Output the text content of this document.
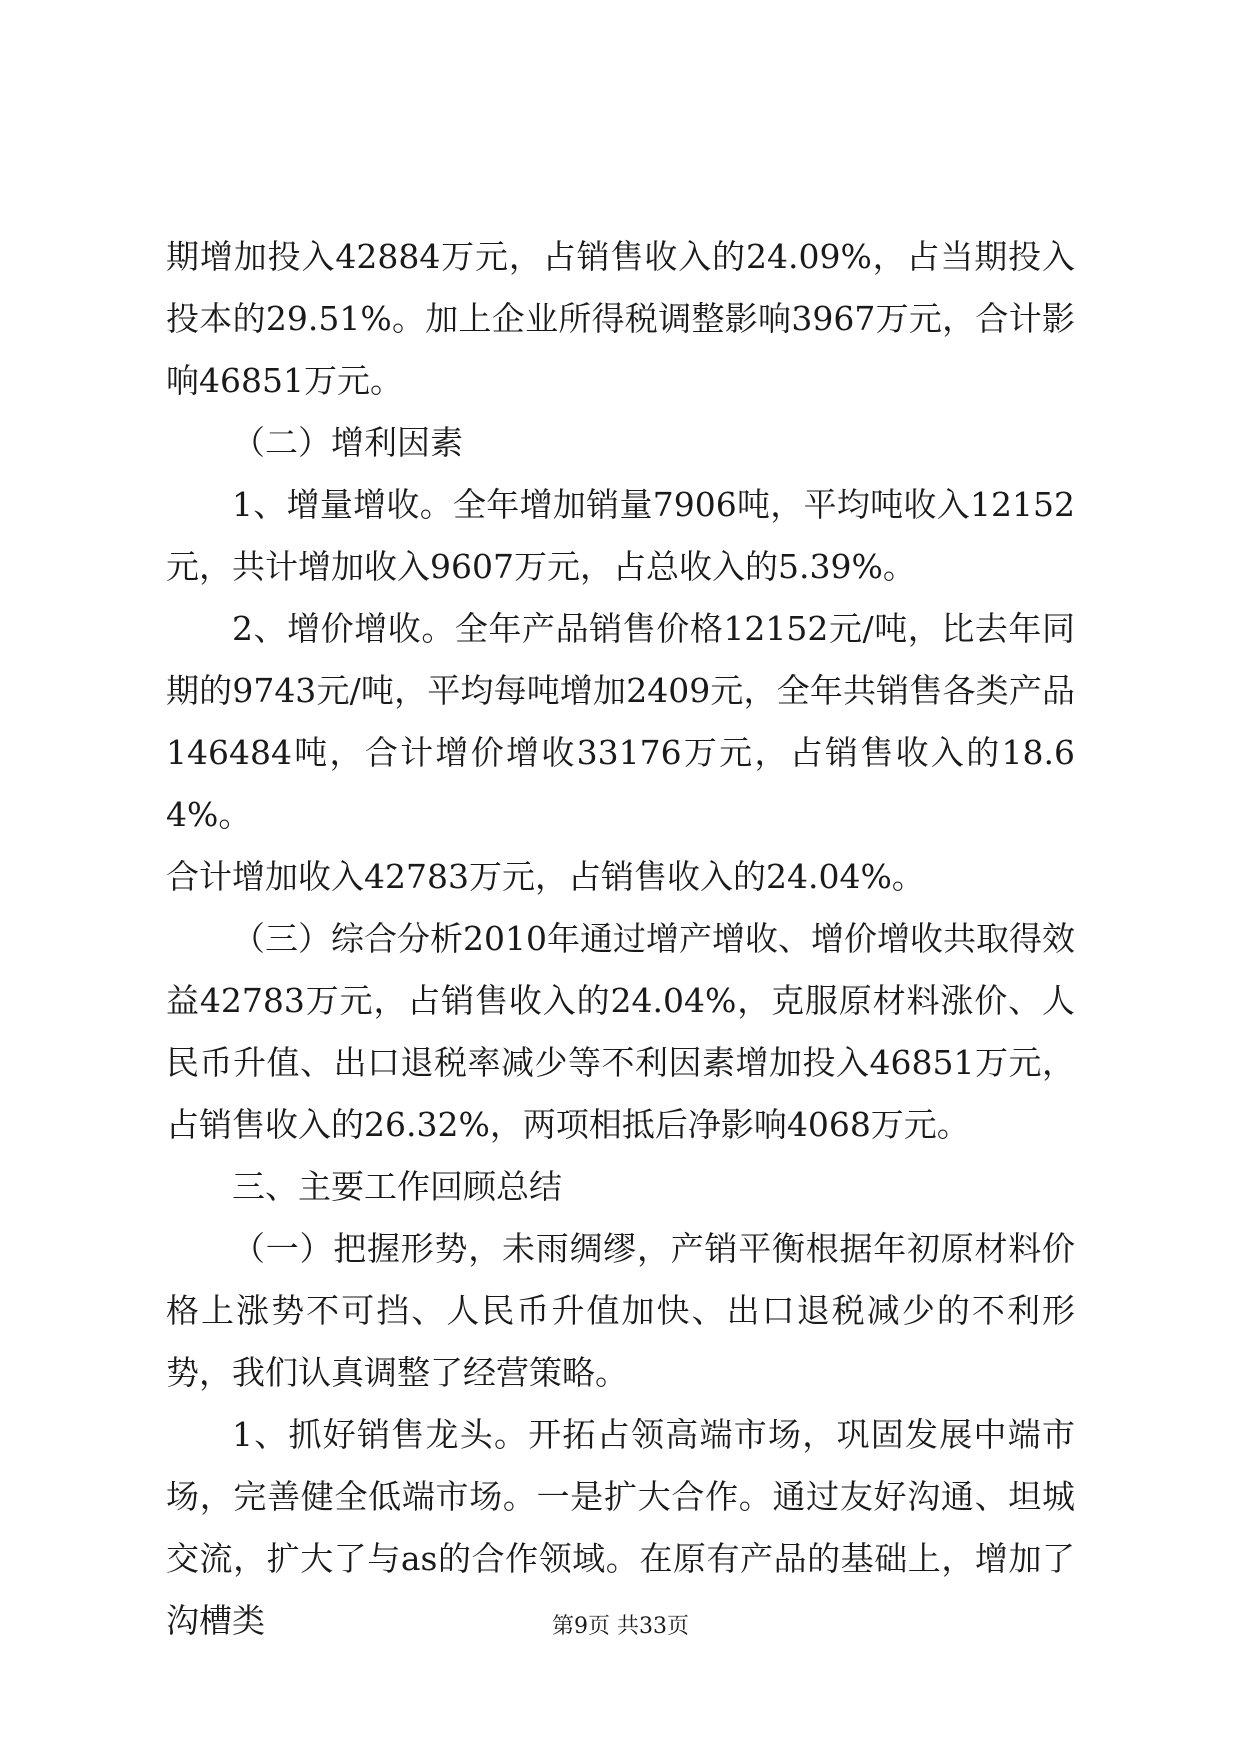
期增加投入42884万元，占销售收入的24.09%，占当期投入投本的29.51%。加上企业所得税调整影响3967万元，合计影响46851万元。

（二）增利因素

1、增量增收。全年增加销量7906吨，平均吨收入12152元，共计增加收入9607万元，占总收入的5.39%。

2、增价增收。全年产品销售价格12152元/吨，比去年同期的9743元/吨，平均每吨增加2409元，全年共销售各类产品146484吨，合计增价增收33176万元，占销售收入的18.64%。

合计增加收入42783万元，占销售收入的24.04%。

（三）综合分析2010年通过增产增收、增价增收共取得效益42783万元，占销售收入的24.04%，克服原材料涨价、人民币升值、出口退税率减少等不利因素增加投入46851万元，占销售收入的26.32%，两项相抵后净影响4068万元。

三、主要工作回顾总结

（一）把握形势，未雨绸缪，产销平衡根据年初原材料价格上涨势不可挡、人民币升值加快、出口退税减少的不利形势，我们认真调整了经营策略。

1、抓好销售龙头。开拓占领高端市场，巩固发展中端市场，完善健全低端市场。一是扩大合作。通过友好沟通、坦城交流，扩大了与as的合作领域。在原有产品的基础上，增加了沟槽类	第9页 共33页
